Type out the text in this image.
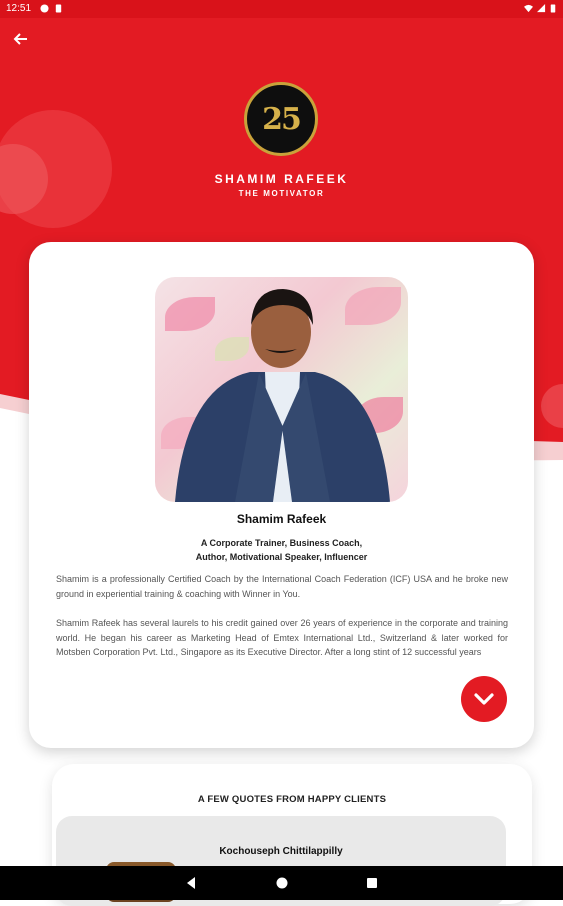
12:51
25
SHAMIM RAFEEK
THE MOTIVATOR
Shamim Rafeek
A Corporate Trainer, Business Coach,
Author, Motivational Speaker, Influencer
Shamim is a professionally Certified Coach by the International Coach Federation (ICF) USA and he broke new ground in experiential training & coaching with Winner in You.
Shamim Rafeek has several laurels to his credit gained over 26 years of experience in the corporate and training world. He began his career as Marketing Head of Emtex International Ltd., Switzerland & later worked for Motsben Corporation Pvt. Ltd., Singapore as its Executive Director. After a long stint of 12 successful years
A FEW QUOTES FROM HAPPY CLIENTS
Kochouseph Chittilappilly
